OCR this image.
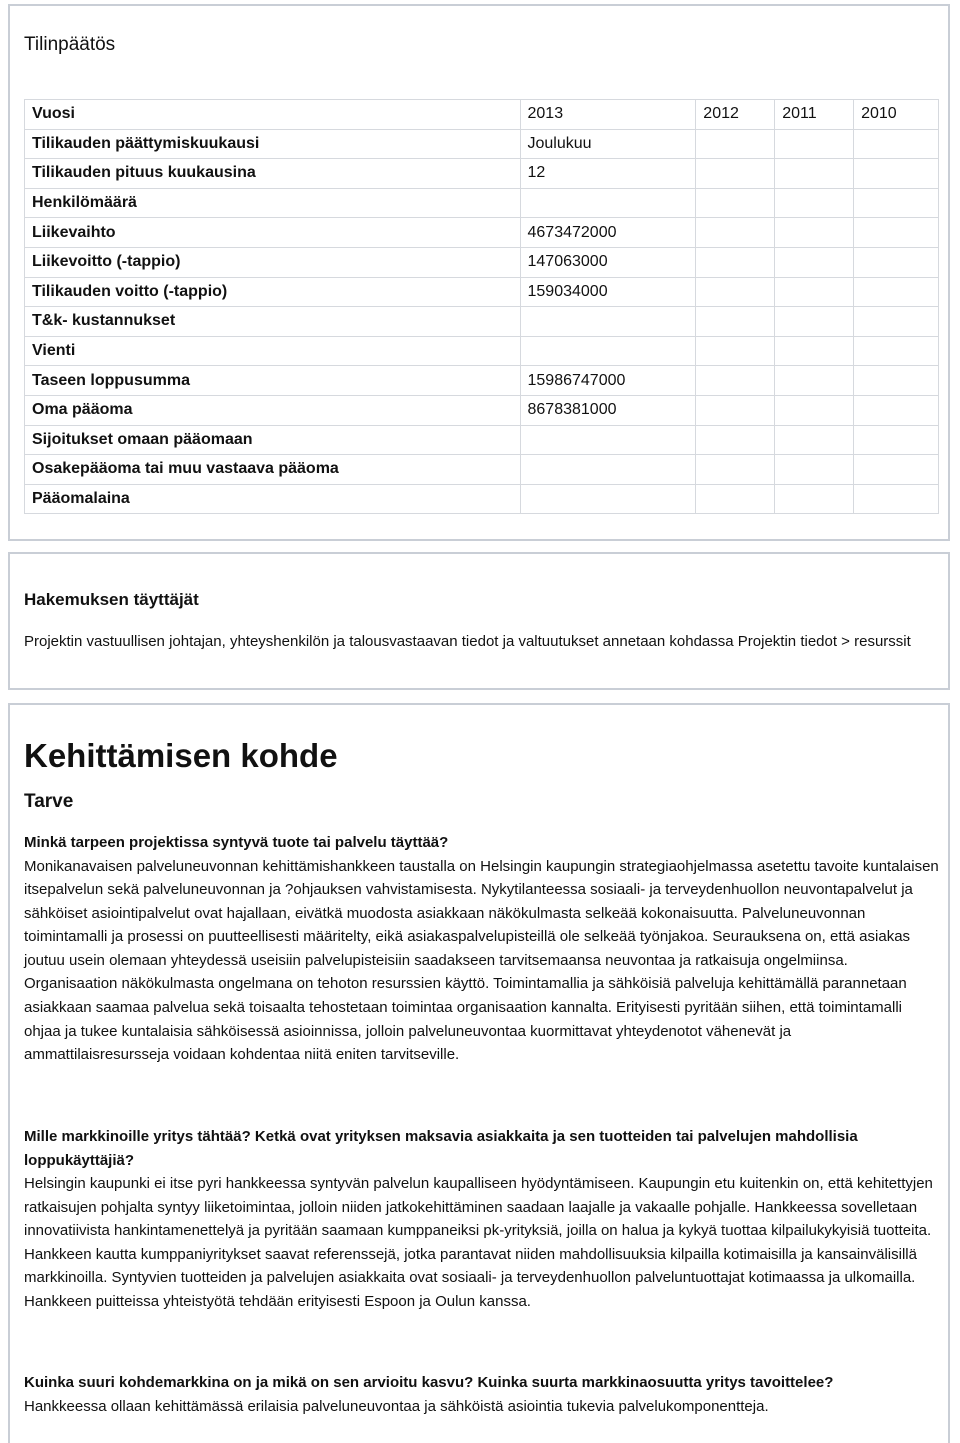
Tilinpäätös
Vuosi	2013	2012	2011	2010
Tilikauden päättymiskuukausi	Joulukuu			
Tilikauden pituus kuukausina	12			
Henkilömäärä				
Liikevaihto	4673472000			
Liikevoitto (-tappio)	147063000			
Tilikauden voitto (-tappio)	159034000			
T&k- kustannukset				
Vienti				
Taseen loppusumma	15986747000			
Oma pääoma	8678381000			
Sijoitukset omaan pääomaan				
Osakepääoma tai muu vastaava pääoma				
Pääomalaina				
Hakemuksen täyttäjät

Projektin vastuullisen johtajan, yhteyshenkilön ja talousvastaavan tiedot ja valtuutukset annetaan kohdassa Projektin tiedot > resurssit

Kehittämisen kohde
Tarve

Minkä tarpeen projektissa syntyvä tuote tai palvelu täyttää?

Monikanavaisen palveluneuvonnan kehittämishankkeen taustalla on Helsingin kaupungin strategiaohjelmassa asetettu tavoite kuntalaisen itsepalvelun sekä palveluneuvonnan ja ?ohjauksen vahvistamisesta. Nykytilanteessa sosiaali- ja terveydenhuollon neuvontapalvelut ja sähköiset asiointipalvelut ovat hajallaan, eivätkä muodosta asiakkaan näkökulmasta selkeää kokonaisuutta. Palveluneuvonnan toimintamalli ja prosessi on puutteellisesti määritelty, eikä asiakaspalvelupisteillä ole selkeää työnjakoa. Seurauksena on, että asiakas joutuu usein olemaan yhteydessä useisiin palvelupisteisiin saadakseen tarvitsemaansa neuvontaa ja ratkaisuja ongelmiinsa. Organisaation näkökulmasta ongelmana on tehoton resurssien käyttö. Toimintamallia ja sähköisiä palveluja kehittämällä parannetaan asiakkaan saamaa palvelua sekä toisaalta tehostetaan toimintaa organisaation kannalta. Erityisesti pyritään siihen, että toimintamalli ohjaa ja tukee kuntalaisia sähköisessä asioinnissa, jolloin palveluneuvontaa kuormittavat yhteydenotot vähenevät ja ammattilaisresursseja voidaan kohdentaa niitä eniten tarvitseville.

Mille markkinoille yritys tähtää? Ketkä ovat yrityksen maksavia asiakkaita ja sen tuotteiden tai palvelujen mahdollisia loppukäyttäjiä?

Helsingin kaupunki ei itse pyri hankkeessa syntyvän palvelun kaupalliseen hyödyntämiseen. Kaupungin etu kuitenkin on, että kehitettyjen ratkaisujen pohjalta syntyy liiketoimintaa, jolloin niiden jatkokehittäminen saadaan laajalle ja vakaalle pohjalle. Hankkeessa sovelletaan innovatiivista hankintamenettelyä ja pyritään saamaan kumppaneiksi pk-yrityksiä, joilla on halua ja kykyä tuottaa kilpailukykyisiä tuotteita. Hankkeen kautta kumppaniyritykset saavat referenssejä, jotka parantavat niiden mahdollisuuksia kilpailla kotimaisilla ja kansainvälisillä markkinoilla. Syntyvien tuotteiden ja palvelujen asiakkaita ovat sosiaali- ja terveydenhuollon palveluntuottajat kotimaassa ja ulkomailla. Hankkeen puitteissa yhteistyötä tehdään erityisesti Espoon ja Oulun kanssa.

Kuinka suuri kohdemarkkina on ja mikä on sen arvioitu kasvu? Kuinka suurta markkinaosuutta yritys tavoittelee?

Hankkeessa ollaan kehittämässä erilaisia palveluneuvontaa ja sähköistä asiointia tukevia palvelukomponentteja.
